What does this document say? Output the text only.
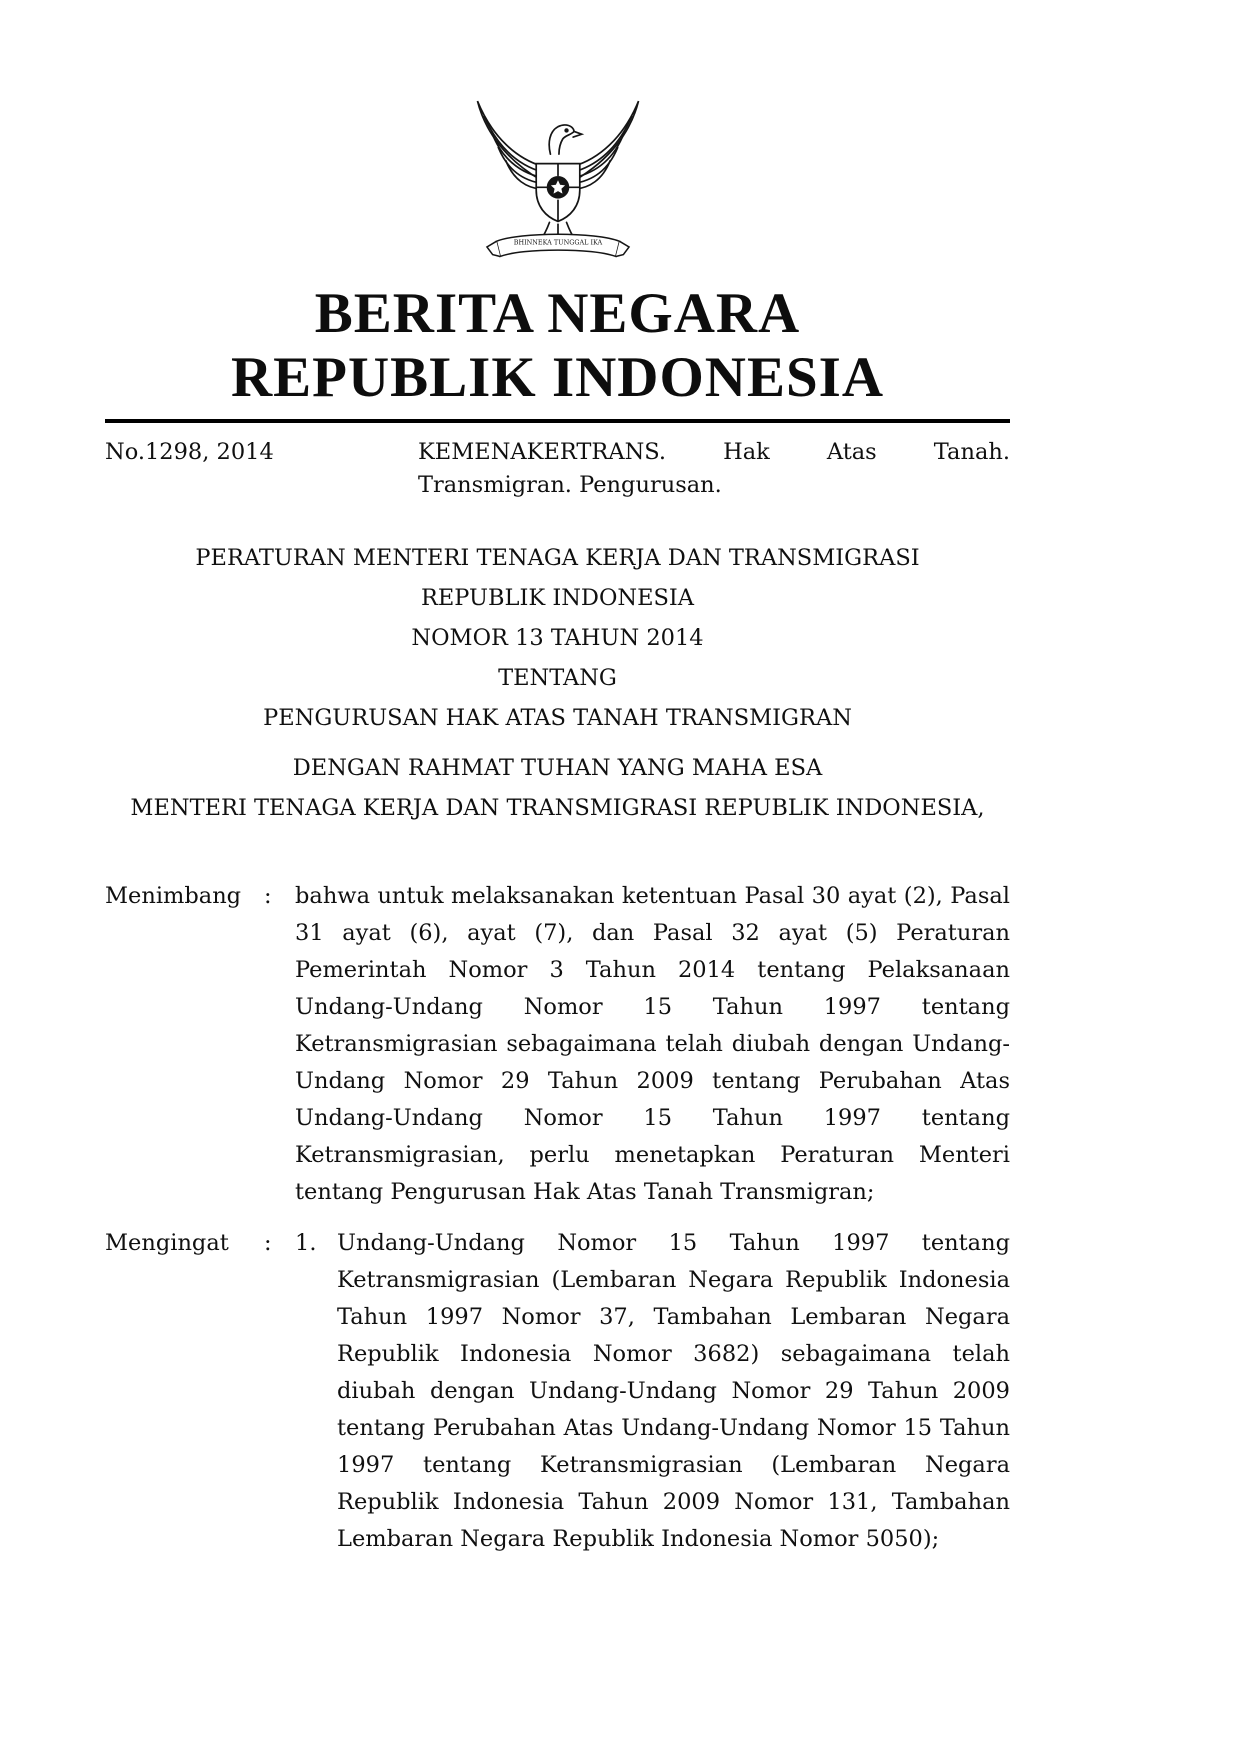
BHINNEKA TUNGGAL IKA
BERITA NEGARA
REPUBLIK INDONESIA
No.1298, 2014	KEMENAKERTRANS. Hak Atas Tanah.
Transmigran. Pengurusan.

PERATURAN MENTERI TENAGA KERJA DAN TRANSMIGRASI

REPUBLIK INDONESIA

NOMOR 13 TAHUN 2014

TENTANG

PENGURUSAN HAK ATAS TANAH TRANSMIGRAN

DENGAN RAHMAT TUHAN YANG MAHA ESA

MENTERI TENAGA KERJA DAN TRANSMIGRASI REPUBLIK INDONESIA,

Menimbang	:	bahwa untuk melaksanakan ketentuan Pasal 30 ayat (2), Pasal 31 ayat (6), ayat (7), dan Pasal 32 ayat (5) Peraturan Pemerintah Nomor 3 Tahun 2014 tentang Pelaksanaan Undang-Undang Nomor 15 Tahun 1997 tentang Ketransmigrasian sebagaimana telah diubah dengan Undang-Undang Nomor 29 Tahun 2009 tentang Perubahan Atas Undang-Undang Nomor 15 Tahun 1997 tentang Ketransmigrasian, perlu menetapkan Peraturan Menteri tentang Pengurusan Hak Atas Tanah Transmigran;
Mengingat	:	1. Undang-Undang Nomor 15 Tahun 1997 tentang Ketransmigrasian (Lembaran Negara Republik Indonesia Tahun 1997 Nomor 37, Tambahan Lembaran Negara Republik Indonesia Nomor 3682) sebagaimana telah diubah dengan Undang-Undang Nomor 29 Tahun 2009 tentang Perubahan Atas Undang-Undang Nomor 15 Tahun 1997 tentang Ketransmigrasian (Lembaran Negara Republik Indonesia Tahun 2009 Nomor 131, Tambahan Lembaran Negara Republik Indonesia Nomor 5050);
